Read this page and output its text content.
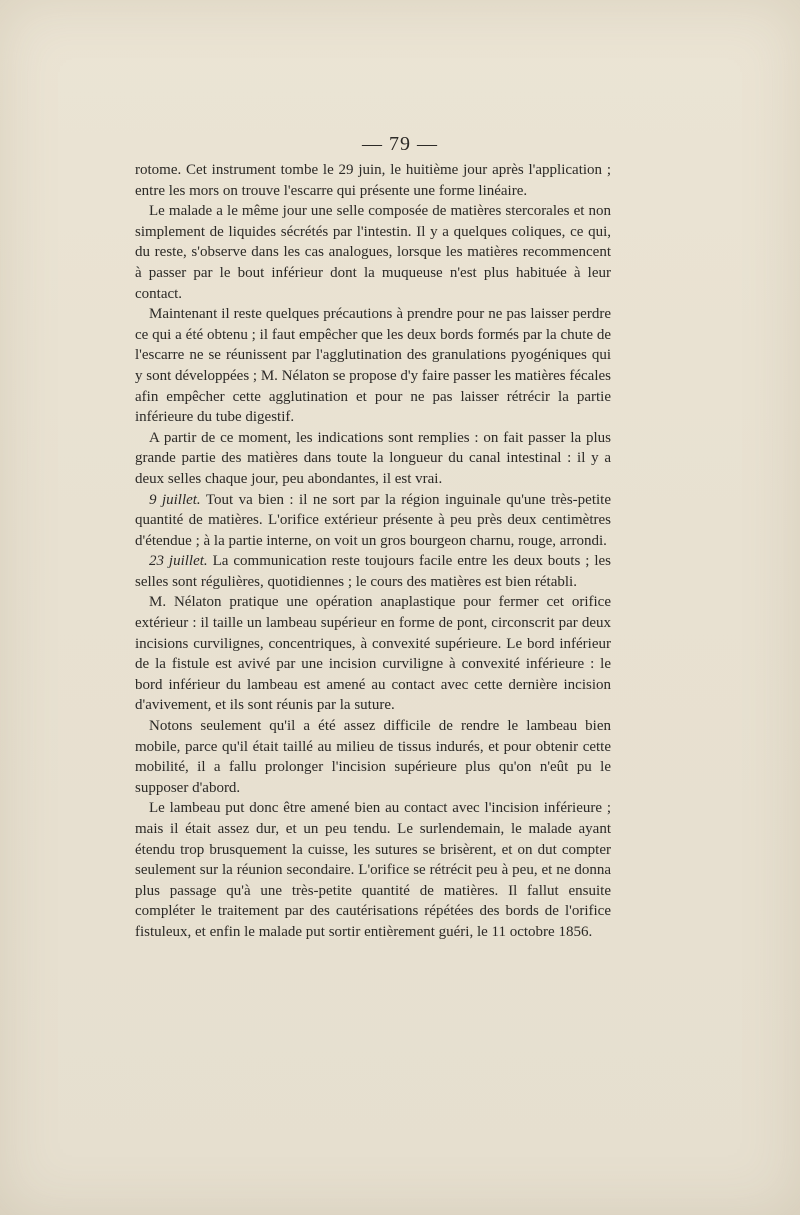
— 79 —

rotome. Cet instrument tombe le 29 juin, le huitième jour après l'application ; entre les mors on trouve l'escarre qui présente une forme linéaire.

Le malade a le même jour une selle composée de matières stercorales et non simplement de liquides sécrétés par l'intestin. Il y a quelques coliques, ce qui, du reste, s'observe dans les cas analogues, lorsque les matières recommencent à passer par le bout inférieur dont la muqueuse n'est plus habituée à leur contact.

Maintenant il reste quelques précautions à prendre pour ne pas laisser perdre ce qui a été obtenu ; il faut empêcher que les deux bords formés par la chute de l'escarre ne se réunissent par l'agglutination des granulations pyogéniques qui y sont développées ; M. Nélaton se propose d'y faire passer les matières fécales afin empêcher cette agglutination et pour ne pas laisser rétrécir la partie inférieure du tube digestif.

A partir de ce moment, les indications sont remplies : on fait passer la plus grande partie des matières dans toute la longueur du canal intestinal : il y a deux selles chaque jour, peu abondantes, il est vrai.

9 juillet. Tout va bien : il ne sort par la région inguinale qu'une très-petite quantité de matières. L'orifice extérieur présente à peu près deux centimètres d'étendue ; à la partie interne, on voit un gros bourgeon charnu, rouge, arrondi.

23 juillet. La communication reste toujours facile entre les deux bouts ; les selles sont régulières, quotidiennes ; le cours des matières est bien rétabli.

M. Nélaton pratique une opération anaplastique pour fermer cet orifice extérieur : il taille un lambeau supérieur en forme de pont, circonscrit par deux incisions curvilignes, concentriques, à convexité supérieure. Le bord inférieur de la fistule est avivé par une incision curviligne à convexité inférieure : le bord inférieur du lambeau est amené au contact avec cette dernière incision d'avivement, et ils sont réunis par la suture.

Notons seulement qu'il a été assez difficile de rendre le lambeau bien mobile, parce qu'il était taillé au milieu de tissus indurés, et pour obtenir cette mobilité, il a fallu prolonger l'incision supérieure plus qu'on n'eût pu le supposer d'abord.

Le lambeau put donc être amené bien au contact avec l'incision inférieure ; mais il était assez dur, et un peu tendu. Le surlendemain, le malade ayant étendu trop brusquement la cuisse, les sutures se brisèrent, et on dut compter seulement sur la réunion secondaire. L'orifice se rétrécit peu à peu, et ne donna plus passage qu'à une très-petite quantité de matières. Il fallut ensuite compléter le traitement par des cautérisations répétées des bords de l'orifice fistuleux, et enfin le malade put sortir entièrement guéri, le 11 octobre 1856.
